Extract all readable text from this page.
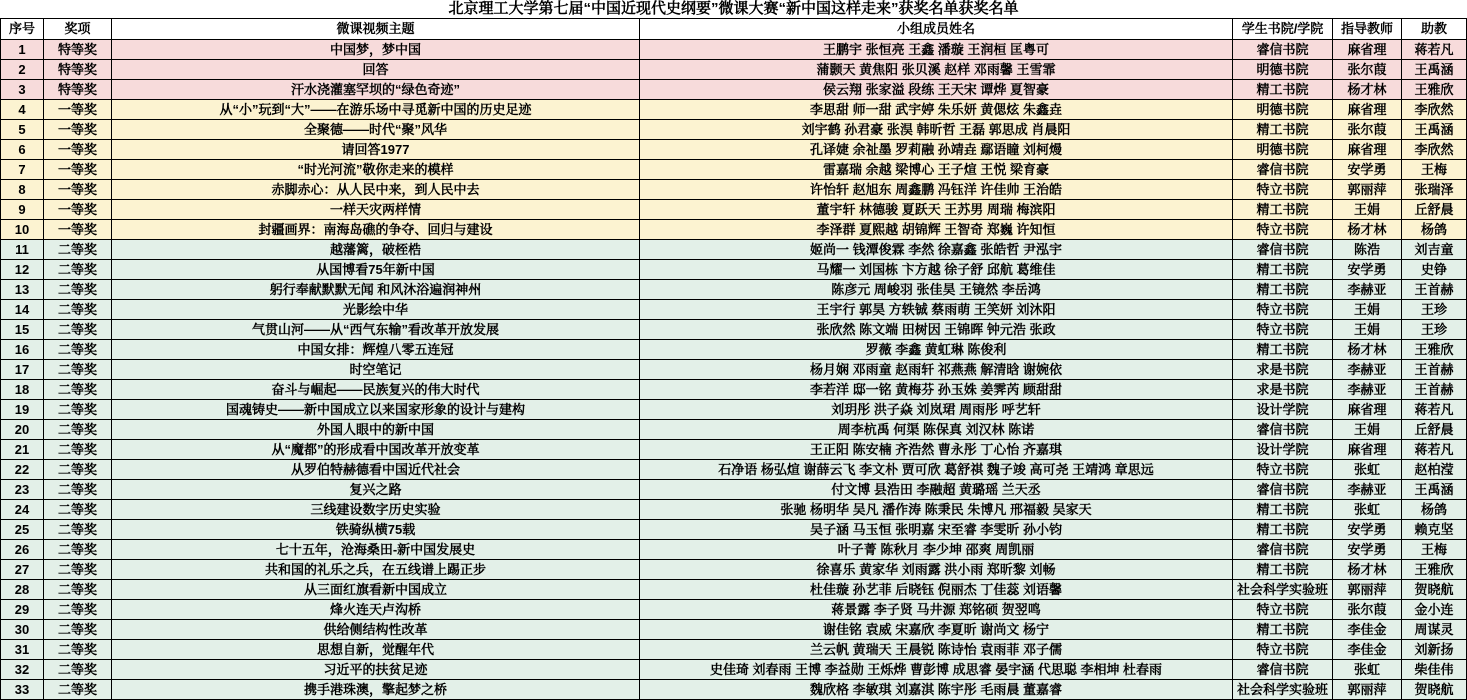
北京理工大学第七届“中国近现代史纲要”微课大赛“新中国这样走来”获奖名单获奖名单
序号	奖项	微课视频主题	小组成员姓名	学生书院/学院	指导教师	助教
1	特等奖	中国梦，梦中国	王鹏宇 张恒亮 王鑫 潘璇 王润桓 匡粤可	睿信书院	麻省理	蒋若凡
2	特等奖	回答	蒲颢天 黄焦阳 张贝溪 赵样 邓雨馨 王雪霏	明德书院	张尔葭	王禹涵
3	特等奖	汗水浇灌塞罕坝的“绿色奇迹”	侯云翔 张家溢 段练 王天宋 谭烨 夏智豪	精工书院	杨才林	王雅欣
4	一等奖	从“小”玩到“大”——在游乐场中寻觅新中国的历史足迹	李思甜 师一甜 武宇婷 朱乐妍 黄偲炫 朱鑫垚	明德书院	麻省理	李欣然
5	一等奖	全聚德——时代“聚”风华	刘宇鹤 孙君豪 张淏 韩昕哲 王磊 郭思成 肖晨阳	精工书院	张尔葭	王禹涵
6	一等奖	请回答1977	孔译婕 余祉墨 罗莉融 孙靖垚 鄢语瞳 刘柯熳	明德书院	麻省理	李欣然
7	一等奖	“时光河流”敬你走来的模样	雷嘉瑞 余越 梁博心 王子煊 王悦 梁育豪	睿信书院	安学勇	王梅
8	一等奖	赤脚赤心：从人民中来，到人民中去	许怡轩 赵旭东 周鑫鹏 冯钰洋 许佳帅 王治皓	特立书院	郭丽萍	张瑞泽
9	一等奖	一样天灾两样情	董宇轩 林德骏 夏跃天 王苏男 周瑞 梅滨阳	精工书院	王娟	丘舒晨
10	一等奖	封疆画界：南海岛礁的争夺、回归与建设	李泽群 夏熙越 胡锦辉 王智奇 郑巍 许知恒	特立书院	杨才林	杨鸽
11	二等奖	越藩篱，破桎梏	姬尚一 钱潭俊霖 李然 徐嘉鑫 张皓哲 尹泓宇	睿信书院	陈浩	刘吉童
12	二等奖	从国博看75年新中国	马耀一 刘国栋 卞方越 徐子舒 邱航 葛维佳	精工书院	安学勇	史铮
13	二等奖	躬行奉献默默无闻 和风沐浴遍润神州	陈彦元 周峻羽 张佳昊 王镜然 李岳鸿	精工书院	李赫亚	王首赫
14	二等奖	光影绘中华	王宇行 郭昊 方轶铖 蔡雨萌 王笑妍 刘沐阳	特立书院	王娟	王珍
15	二等奖	气贯山河——从“西气东输”看改革开放发展	张欣然 陈文端 田树因 王锦晖 钟元浩 张政	特立书院	王娟	王珍
16	二等奖	中国女排：辉煌八零五连冠	罗薇 李鑫 黄虹琳 陈俊利	精工书院	杨才林	王雅欣
17	二等奖	时空笔记	杨月娴 邓雨童 赵雨轩 祁燕燕 解清晗 谢婉依	求是书院	李赫亚	王首赫
18	二等奖	奋斗与崛起——民族复兴的伟大时代	李若洋 邸一铭 黄梅芬 孙玉姝 姜霁芮 顾甜甜	求是书院	李赫亚	王首赫
19	二等奖	国魂铸史——新中国成立以来国家形象的设计与建构	刘玥彤 洪子焱 刘岚珺 周雨彤 呼艺轩	设计学院	麻省理	蒋若凡
20	二等奖	外国人眼中的新中国	周李杭禹 何渠 陈保真 刘汉林 陈诺	睿信书院	王娟	丘舒晨
21	二等奖	从“魔都”的形成看中国改革开放变革	王正阳 陈安楠 齐浩然 曹永彤 丁心怡 齐嘉琪	设计学院	麻省理	蒋若凡
22	二等奖	从罗伯特赫德看中国近代社会	石净语 杨弘煊 谢薛云飞 李文朴 贾可欣 葛舒祺 魏子竣 高可尧 王靖鸿 章思远	特立书院	张虹	赵柏滢
23	二等奖	复兴之路	付文博 县浩田 李融超 黄璐瑶 兰天丞	睿信书院	李赫亚	王禹涵
24	二等奖	三线建设数字历史实验	张驰 杨明华 吴凡 潘作涛 陈秉民 朱博凡 邢福毅 吴家天	精工书院	张虹	杨鸽
25	二等奖	铁骑纵横75载	吴子涵 马玉恒 张明嘉 宋至睿 李雯昕 孙小钧	精工书院	安学勇	赖克坚
26	二等奖	七十五年，沧海桑田-新中国发展史	叶子菁 陈秋月 李少坤 邵爽 周凯丽	睿信书院	安学勇	王梅
27	二等奖	共和国的礼乐之兵，在五线谱上踢正步	徐喜乐 黄家华 刘雨露 洪小雨 郑昕黎 刘畅	精工书院	杨才林	王雅欣
28	二等奖	从三面红旗看新中国成立	杜佳璇 孙艺菲 后晓钰 倪丽杰 丁佳蕊 刘语馨	社会科学实验班	郭丽萍	贺晓航
29	二等奖	烽火连天卢沟桥	蒋景露 李子贤 马井源 郑铭硕 贺翌鸣	特立书院	张尔葭	金小连
30	二等奖	供给侧结构性改革	谢佳铭 袁威 宋嘉欣 李夏昕 谢尚文 杨宁	精工书院	李佳金	周谋灵
31	二等奖	思想自新，觉醒年代	兰云帆 黄瑞天 王晨锐 陈诗怡 袁雨菲 邓子儒	特立书院	李佳金	刘新扬
32	二等奖	习近平的扶贫足迹	史佳琦 刘春雨 王博 李益勋 王烁烨 曹彭博 成思睿 晏宇涵 代思聪 李相坤 杜春雨	睿信书院	张虹	柴佳伟
33	二等奖	携手港珠澳，擎起梦之桥	魏欣格 李敏琪 刘嘉淇 陈宇彤 毛雨晨 董嘉睿	社会科学实验班	郭丽萍	贺晓航
